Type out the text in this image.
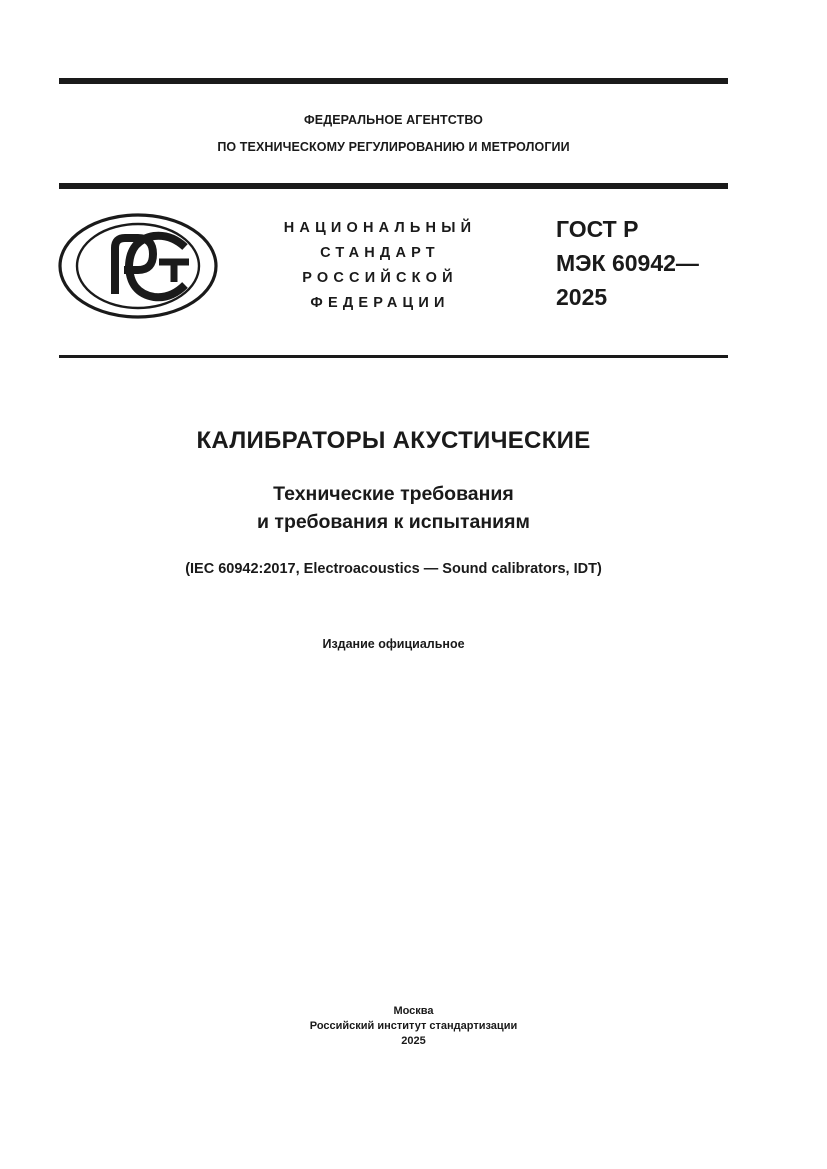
ФЕДЕРАЛЬНОЕ АГЕНТСТВО
ПО ТЕХНИЧЕСКОМУ РЕГУЛИРОВАНИЮ И МЕТРОЛОГИИ
НАЦИОНАЛЬНЫЙ
СТАНДАРТ
РОССИЙСКОЙ
ФЕДЕРАЦИИ
ГОСТ Р
МЭК 60942—
2025
КАЛИБРАТОРЫ АКУСТИЧЕСКИЕ
Технические требования
и требования к испытаниям
(IEC 60942:2017, Electroacoustics — Sound calibrators, IDT)
Издание официальное
Москва
Российский институт стандартизации
2025
